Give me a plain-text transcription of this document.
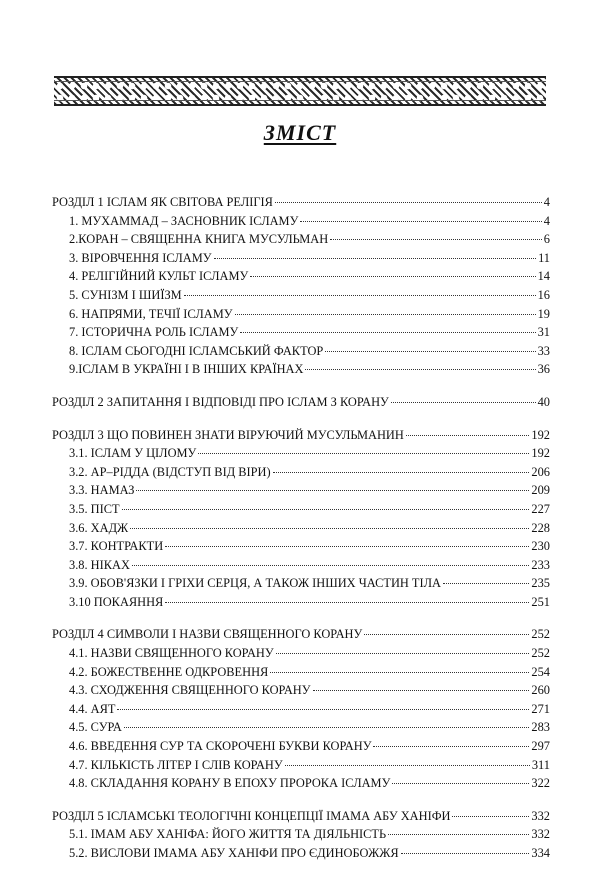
ЗМІСТ
РОЗДІЛ 1 ІСЛАМ ЯК СВІТОВА РЕЛІГІЯ	4
1. МУХАММАД – ЗАСНОВНИК ІСЛАМУ	4
2.КОРАН – СВЯЩЕННА КНИГА МУСУЛЬМАН	6
3. ВІРОВЧЕННЯ ІСЛАМУ	11
4. РЕЛІГІЙНИЙ КУЛЬТ ІСЛАМУ	14
5. СУНІЗМ І ШИЇЗМ	16
6. НАПРЯМИ, ТЕЧІЇ ІСЛАМУ	19
7. ІСТОРИЧНА РОЛЬ ІСЛАМУ	31
8. ІСЛАМ СЬОГОДНІ ІСЛАМСЬКИЙ ФАКТОР	33
9.ІСЛАМ В УКРАЇНІ І В ІНШИХ КРАЇНАХ	36
РОЗДІЛ 2 ЗАПИТАННЯ І ВІДПОВІДІ ПРО ІСЛАМ З КОРАНУ	40
РОЗДІЛ 3 ЩО ПОВИНЕН ЗНАТИ ВІРУЮЧИЙ МУСУЛЬМАНИН	192
3.1. ІСЛАМ У ЦІЛОМУ	192
3.2. АР–РІДДА (ВІДСТУП ВІД ВІРИ)	206
3.3. НАМАЗ	209
3.5. ПІСТ	227
3.6. ХАДЖ	228
3.7. КОНТРАКТИ	230
3.8. НІКАХ	233
3.9. ОБОВ'ЯЗКИ І ГРІХИ СЕРЦЯ, А ТАКОЖ ІНШИХ ЧАСТИН ТІЛА	235
3.10 ПОКАЯННЯ	251
РОЗДІЛ 4 СИМВОЛИ І НАЗВИ СВЯЩЕННОГО КОРАНУ	252
4.1. НАЗВИ СВЯЩЕННОГО КОРАНУ	252
4.2. БОЖЕСТВЕННЕ ОДКРОВЕННЯ	254
4.3. СХОДЖЕННЯ СВЯЩЕННОГО КОРАНУ	260
4.4. АЯТ	271
4.5. СУРА	283
4.6. ВВЕДЕННЯ СУР ТА СКОРОЧЕНІ БУКВИ КОРАНУ	297
4.7. КІЛЬКІСТЬ ЛІТЕР І СЛІВ КОРАНУ	311
4.8. СКЛАДАННЯ КОРАНУ В ЕПОХУ ПРОРОКА ІСЛАМУ	322
РОЗДІЛ 5 ІСЛАМСЬКІ ТЕОЛОГІЧНІ КОНЦЕПЦІЇ ІМАМА АБУ ХАНІФИ	332
5.1. ІМАМ АБУ ХАНІФА: ЙОГО ЖИТТЯ ТА ДІЯЛЬНІСТЬ	332
5.2. ВИСЛОВИ ІМАМА АБУ ХАНІФИ ПРО ЄДИНОБОЖЖЯ	334
